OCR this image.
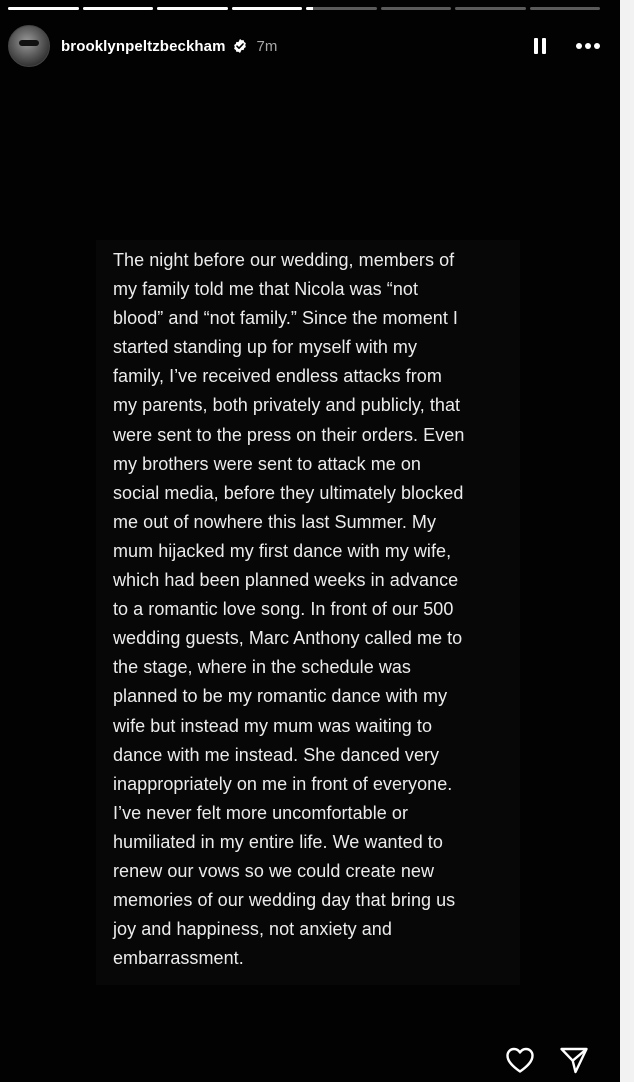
brooklynpeltzbeckham 7m

The night before our wedding, members of
my family told me that Nicola was “not
blood” and “not family.” Since the moment I
started standing up for myself with my
family, I’ve received endless attacks from
my parents, both privately and publicly, that
were sent to the press on their orders. Even
my brothers were sent to attack me on
social media, before they ultimately blocked
me out of nowhere this last Summer. My
mum hijacked my first dance with my wife,
which had been planned weeks in advance
to a romantic love song. In front of our 500
wedding guests, Marc Anthony called me to
the stage, where in the schedule was
planned to be my romantic dance with my
wife but instead my mum was waiting to
dance with me instead. She danced very
inappropriately on me in front of everyone.
I’ve never felt more uncomfortable or
humiliated in my entire life. We wanted to
renew our vows so we could create new
memories of our wedding day that bring us
joy and happiness, not anxiety and
embarrassment.
